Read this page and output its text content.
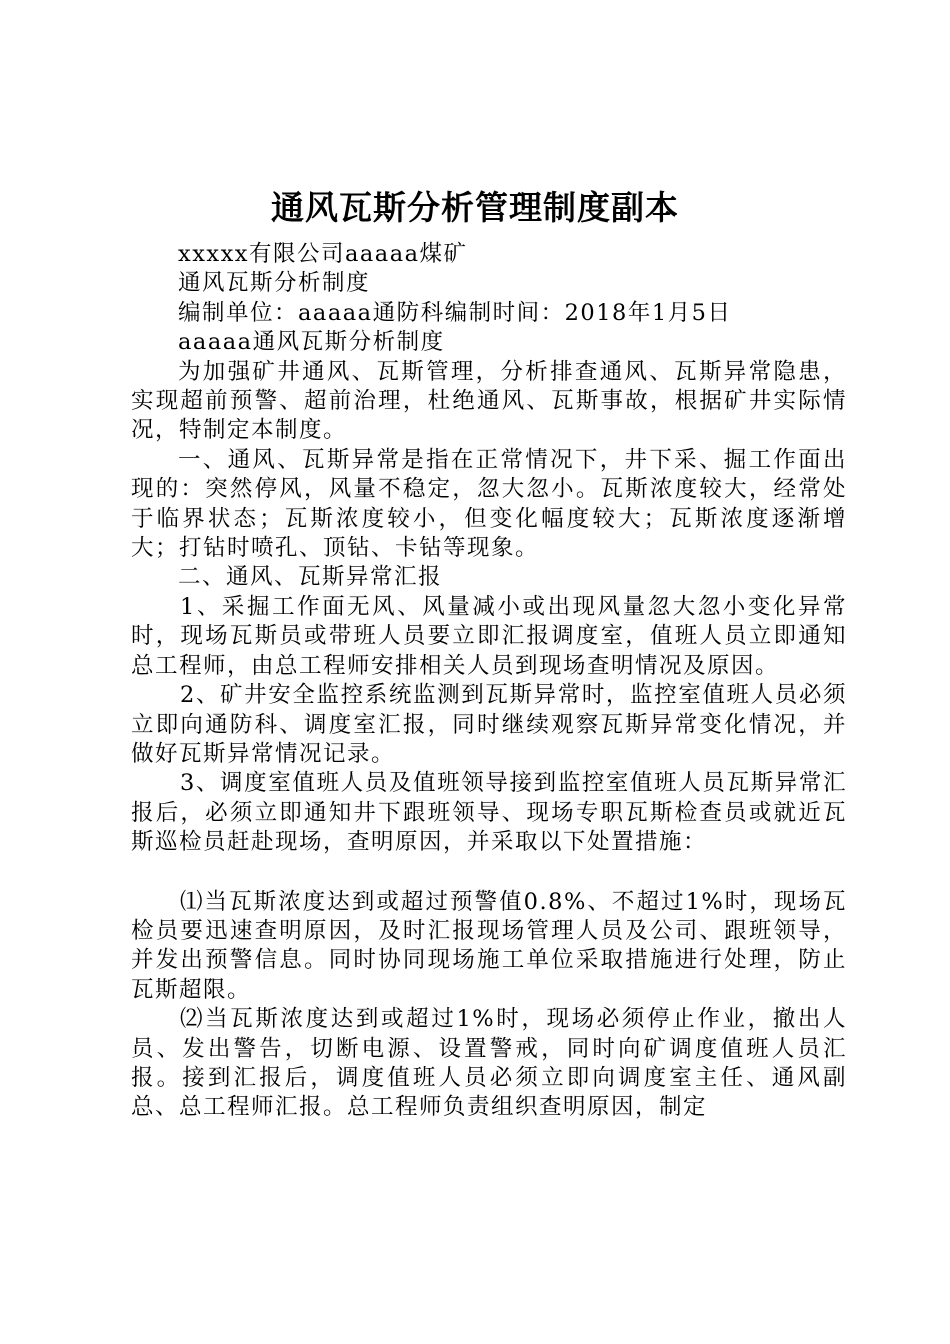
通风瓦斯分析管理制度副本

xxxxx有限公司aaaaa煤矿

通风瓦斯分析制度

编制单位：aaaaa通防科编制时间：2018年1月5日

aaaaa通风瓦斯分析制度

为加强矿井通风、瓦斯管理，分析排查通风、瓦斯异常隐患，实现超前预警、超前治理，杜绝通风、瓦斯事故，根据矿井实际情况，特制定本制度。

一、通风、瓦斯异常是指在正常情况下，井下采、掘工作面出现的：突然停风，风量不稳定，忽大忽小。瓦斯浓度较大，经常处于临界状态；瓦斯浓度较小，但变化幅度较大；瓦斯浓度逐渐增大；打钻时喷孔、顶钻、卡钻等现象。

二、通风、瓦斯异常汇报

1、采掘工作面无风、风量减小或出现风量忽大忽小变化异常时，现场瓦斯员或带班人员要立即汇报调度室，值班人员立即通知总工程师，由总工程师安排相关人员到现场查明情况及原因。

2、矿井安全监控系统监测到瓦斯异常时，监控室值班人员必须立即向通防科、调度室汇报，同时继续观察瓦斯异常变化情况，并做好瓦斯异常情况记录。

3、调度室值班人员及值班领导接到监控室值班人员瓦斯异常汇报后，必须立即通知井下跟班领导、现场专职瓦斯检查员或就近瓦斯巡检员赶赴现场，查明原因，并采取以下处置措施：

⑴当瓦斯浓度达到或超过预警值0.8%、不超过1%时，现场瓦检员要迅速查明原因，及时汇报现场管理人员及公司、跟班领导，并发出预警信息。同时协同现场施工单位采取措施进行处理，防止瓦斯超限。

⑵当瓦斯浓度达到或超过1%时，现场必须停止作业，撤出人员、发出警告，切断电源、设置警戒，同时向矿调度值班人员汇报。接到汇报后，调度值班人员必须立即向调度室主任、通风副总、总工程师汇报。总工程师负责组织查明原因，制定
